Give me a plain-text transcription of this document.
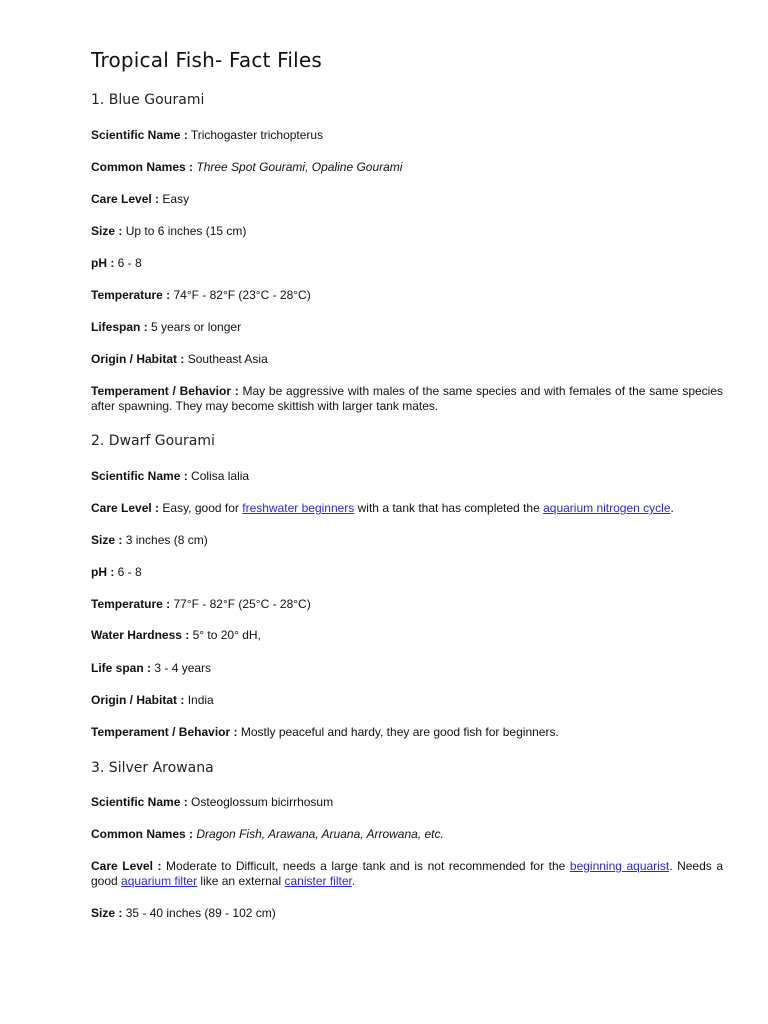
Tropical Fish- Fact Files
1. Blue Gourami
Scientific Name : Trichogaster trichopterus
Common Names : Three Spot Gourami, Opaline Gourami
Care Level : Easy
Size : Up to 6 inches (15 cm)
pH : 6 - 8
Temperature : 74°F - 82°F (23°C - 28°C)
Lifespan : 5 years or longer
Origin / Habitat : Southeast Asia
Temperament / Behavior : May be aggressive with males of the same species and with females of the same species after spawning. They may become skittish with larger tank mates.
2. Dwarf Gourami
Scientific Name : Colisa lalia
Care Level : Easy, good for freshwater beginners with a tank that has completed the aquarium nitrogen cycle.
Size : 3 inches (8 cm)
pH : 6 - 8
Temperature : 77°F - 82°F (25°C - 28°C)
Water Hardness : 5° to 20° dH,
Life span : 3 - 4 years
Origin / Habitat : India
Temperament / Behavior : Mostly peaceful and hardy, they are good fish for beginners.
3. Silver Arowana
Scientific Name : Osteoglossum bicirrhosum
Common Names : Dragon Fish, Arawana, Aruana, Arrowana, etc.
Care Level : Moderate to Difficult, needs a large tank and is not recommended for the beginning aquarist. Needs a good aquarium filter like an external canister filter.
Size : 35 - 40 inches (89 - 102 cm)
